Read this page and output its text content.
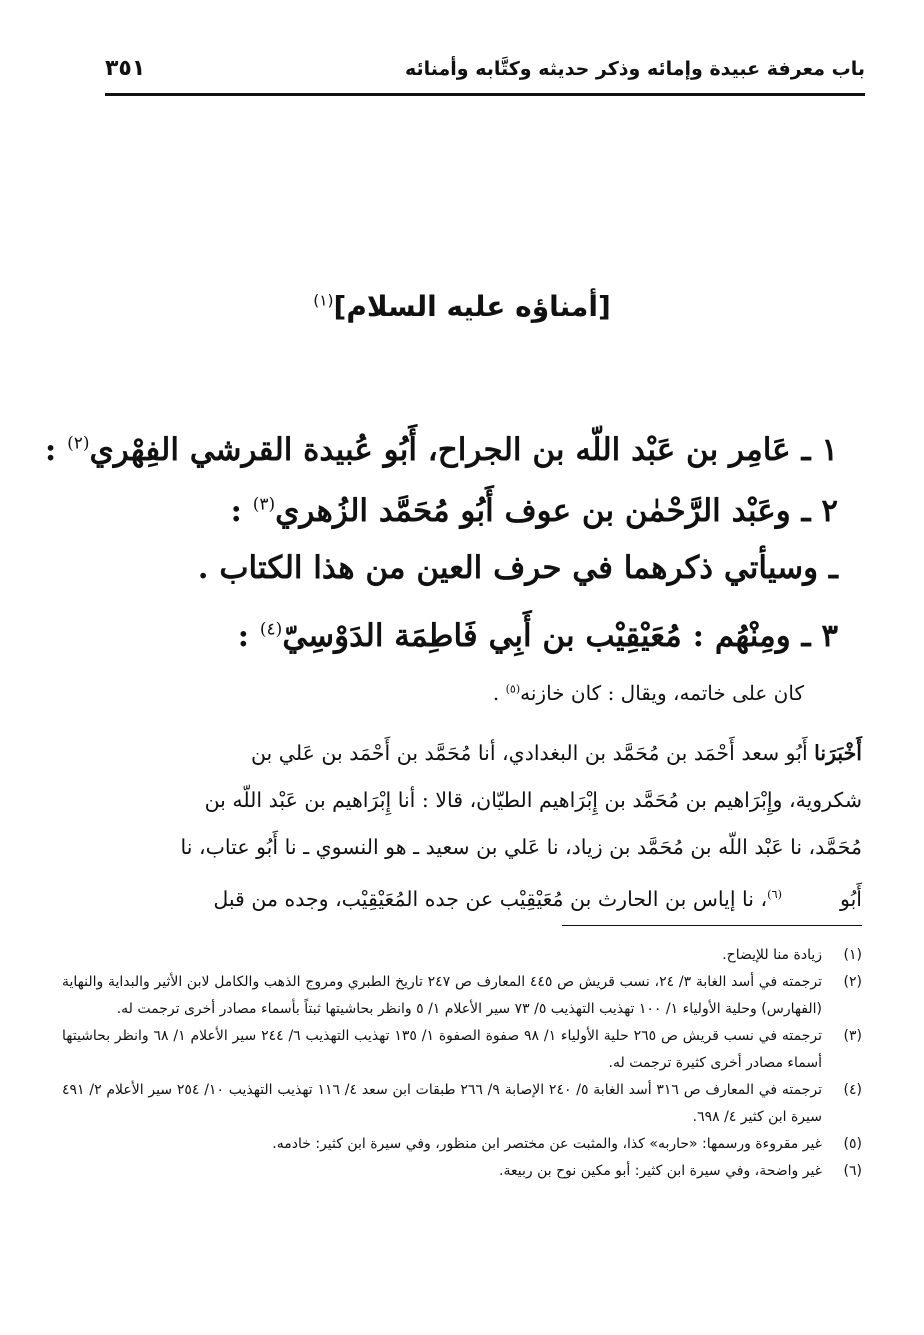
باب معرفة عبيدة وإمائه وذكر حديثه وكتَّابه وأمنائه
٣٥١
[أمناؤه عليه السلام]$^{(١)}$
١ ـ عَامِر بن عَبْد اللّه بن الجراح، أَبُو عُبيدة القرشي الفِهْري$^{(٢)}$ :
٢ ـ وعَبْد الرَّحْمٰن بن عوف أَبُو مُحَمَّد الزُهري$^{(٣)}$ :
ـ وسيأتي ذكرهما في حرف العين من هذا الكتاب .
٣ ـ ومِنْهُم : مُعَيْقِيْب بن أَبِي فَاطِمَة الدَوْسِيّ$^{(٤)}$ :
كان على خاتمه، ويقال : كان خازنه$^{(٥)}$ .
أَخْبَرَنا أَبُو سعد أَحْمَد بن مُحَمَّد بن البغدادي، أنا مُحَمَّد بن أَحْمَد بن عَلي بن
شكروية، وإِبْرَاهيم بن مُحَمَّد بن إِبْرَاهيم الطيّان، قالا : أنا إِبْرَاهيم بن عَبْد اللّه بن
مُحَمَّد، نا عَبْد اللّه بن مُحَمَّد بن زياد، نا عَلي بن سعيد ـ هو النسوي ـ نا أَبُو عتاب، نا
أَبُو$^{(٦)}$، نا إياس بن الحارث بن مُعَيْقِيْب عن جده المُعَيْقِيْب، وجده من قبل
(١)
زيادة منا للإيضاح.
(٢)
ترجمته في أسد الغابة ٣/ ٢٤، نسب قريش ص ٤٤٥ المعارف ص ٢٤٧ تاريخ الطبري ومروج الذهب والكامل لابن الأثير والبداية والنهاية (الفهارس) وحلية الأولياء ١/ ١٠٠ تهذيب التهذيب ٥/ ٧٣ سير الأعلام ١/ ٥ وانظر بحاشيتها ثبتاً بأسماء مصادر أخرى ترجمت له.
(٣)
ترجمته في نسب قريش ص ٢٦٥ حلية الأولياء ١/ ٩٨ صفوة الصفوة ١/ ١٣٥ تهذيب التهذيب ٦/ ٢٤٤ سير الأعلام ١/ ٦٨ وانظر بحاشيتها أسماء مصادر أخرى كثيرة ترجمت له.
(٤)
ترجمته في المعارف ص ٣١٦ أسد الغابة ٥/ ٢٤٠ الإصابة ٩/ ٢٦٦ طبقات ابن سعد ٤/ ١١٦ تهذيب التهذيب ١٠/ ٢٥٤ سير الأعلام ٢/ ٤٩١ سيرة ابن كثير ٤/ ٦٩٨.
(٥)
غير مقروءة ورسمها: «حاربه» كذا، والمثبت عن مختصر ابن منظور، وفي سيرة ابن كثير: خادمه.
(٦)
غير واضحة، وفي سيرة ابن كثير: أبو مكين نوح بن ربيعة.
